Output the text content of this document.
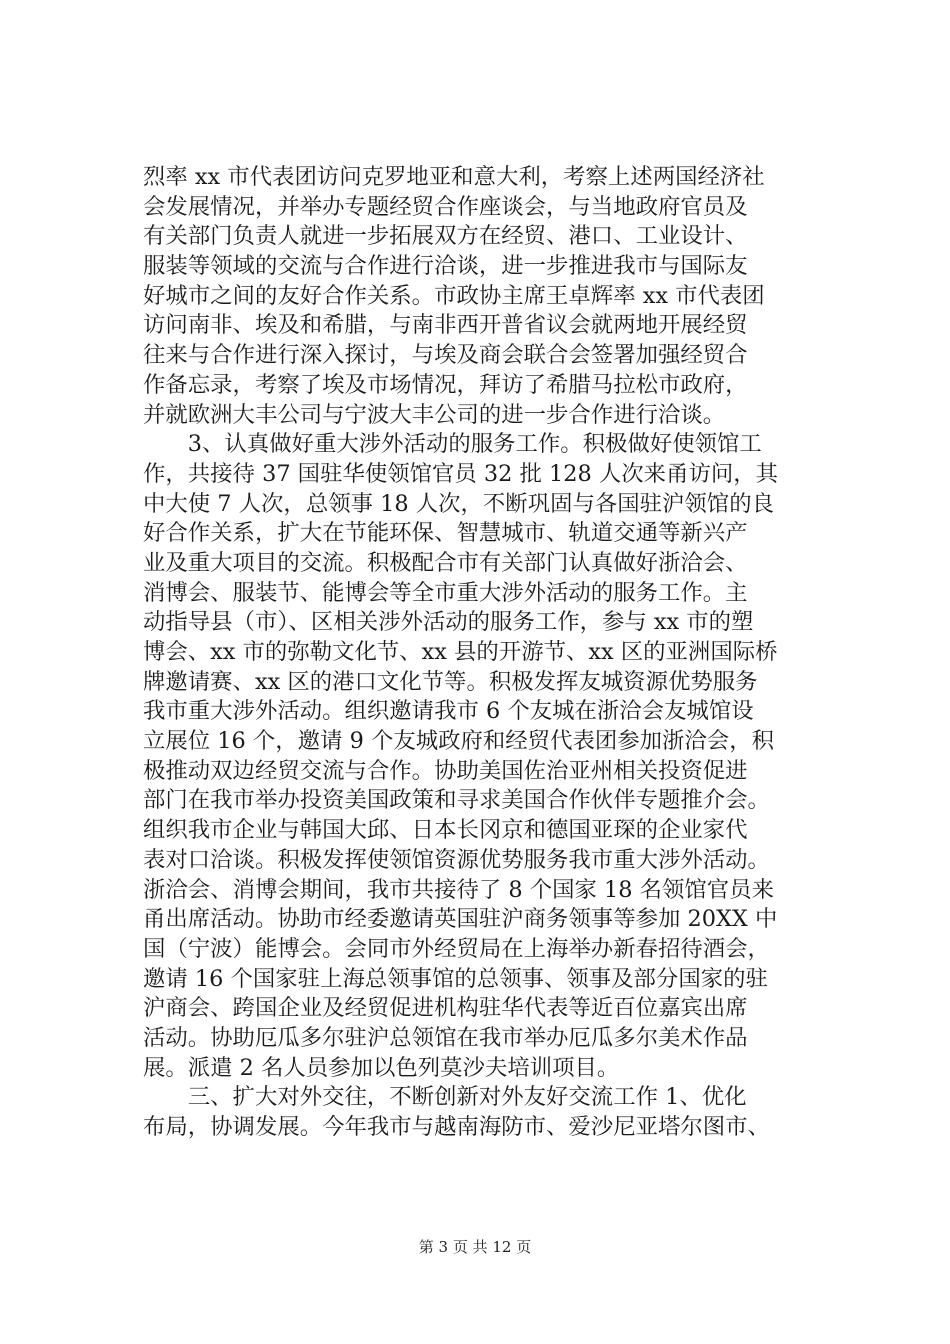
烈率 xx 市代表团访问克罗地亚和意大利，考察上述两国经济社
会发展情况，并举办专题经贸合作座谈会，与当地政府官员及
有关部门负责人就进一步拓展双方在经贸、港口、工业设计、
服装等领域的交流与合作进行洽谈，进一步推进我市与国际友
好城市之间的友好合作关系。市政协主席王卓辉率 xx 市代表团
访问南非、埃及和希腊，与南非西开普省议会就两地开展经贸
往来与合作进行深入探讨，与埃及商会联合会签署加强经贸合
作备忘录，考察了埃及市场情况，拜访了希腊马拉松市政府，
并就欧洲大丰公司与宁波大丰公司的进一步合作进行洽谈。
　　3、认真做好重大涉外活动的服务工作。积极做好使领馆工
作，共接待 37 国驻华使领馆官员 32 批 128 人次来甬访问，其
中大使 7 人次，总领事 18 人次，不断巩固与各国驻沪领馆的良
好合作关系，扩大在节能环保、智慧城市、轨道交通等新兴产
业及重大项目的交流。积极配合市有关部门认真做好浙洽会、
消博会、服装节、能博会等全市重大涉外活动的服务工作。主
动指导县（市）、区相关涉外活动的服务工作，参与 xx 市的塑
博会、xx 市的弥勒文化节、xx 县的开游节、xx 区的亚洲国际桥
牌邀请赛、xx 区的港口文化节等。积极发挥友城资源优势服务
我市重大涉外活动。组织邀请我市 6 个友城在浙洽会友城馆设
立展位 16 个，邀请 9 个友城政府和经贸代表团参加浙洽会，积
极推动双边经贸交流与合作。协助美国佐治亚州相关投资促进
部门在我市举办投资美国政策和寻求美国合作伙伴专题推介会。
组织我市企业与韩国大邱、日本长冈京和德国亚琛的企业家代
表对口洽谈。积极发挥使领馆资源优势服务我市重大涉外活动。
浙洽会、消博会期间，我市共接待了 8 个国家 18 名领馆官员来
甬出席活动。协助市经委邀请英国驻沪商务领事等参加 20XX 中
国（宁波）能博会。会同市外经贸局在上海举办新春招待酒会，
邀请 16 个国家驻上海总领事馆的总领事、领事及部分国家的驻
沪商会、跨国企业及经贸促进机构驻华代表等近百位嘉宾出席
活动。协助厄瓜多尔驻沪总领馆在我市举办厄瓜多尔美术作品
展。派遣 2 名人员参加以色列莫沙夫培训项目。
　　三、扩大对外交往，不断创新对外友好交流工作 1、优化
布局，协调发展。今年我市与越南海防市、爱沙尼亚塔尔图市、
第 3 页 共 12 页
